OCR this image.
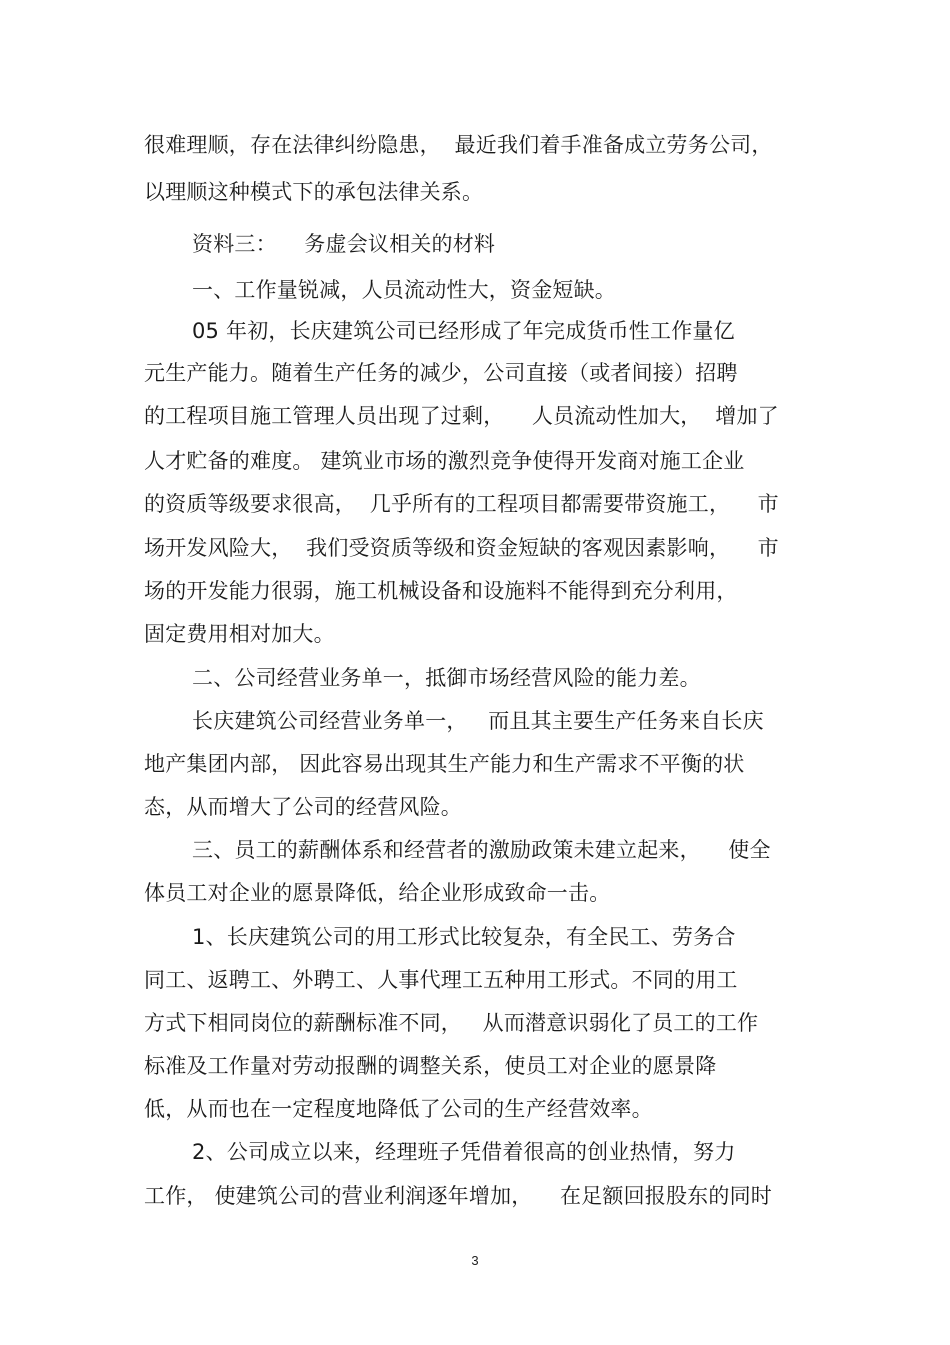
很难理顺，存在法律纠纷隐患，  最近我们着手准备成立劳务公司，
以理顺这种模式下的承包法律关系。
资料三：    务虚会议相关的材料
一、工作量锐减，人员流动性大，资金短缺。
05 年初，长庆建筑公司已经形成了年完成货币性工作量亿
元生产能力。随着生产任务的减少，公司直接（或者间接）招聘
的工程项目施工管理人员出现了过剩，    人员流动性加大，  增加了
人才贮备的难度。 建筑业市场的激烈竞争使得开发商对施工企业
的资质等级要求很高，  几乎所有的工程项目都需要带资施工，    市
场开发风险大，  我们受资质等级和资金短缺的客观因素影响，    市
场的开发能力很弱，施工机械设备和设施料不能得到充分利用，
固定费用相对加大。
二、公司经营业务单一，抵御市场经营风险的能力差。
长庆建筑公司经营业务单一，   而且其主要生产任务来自长庆
地产集团内部， 因此容易出现其生产能力和生产需求不平衡的状
态，从而增大了公司的经营风险。
三、员工的薪酬体系和经营者的激励政策未建立起来，    使全
体员工对企业的愿景降低，给企业形成致命一击。
1、长庆建筑公司的用工形式比较复杂，有全民工、劳务合
同工、返聘工、外聘工、人事代理工五种用工形式。不同的用工
方式下相同岗位的薪酬标准不同，   从而潜意识弱化了员工的工作
标准及工作量对劳动报酬的调整关系，使员工对企业的愿景降
低，从而也在一定程度地降低了公司的生产经营效率。
2、公司成立以来，经理班子凭借着很高的创业热情，努力
工作， 使建筑公司的营业利润逐年增加，    在足额回报股东的同时
3
